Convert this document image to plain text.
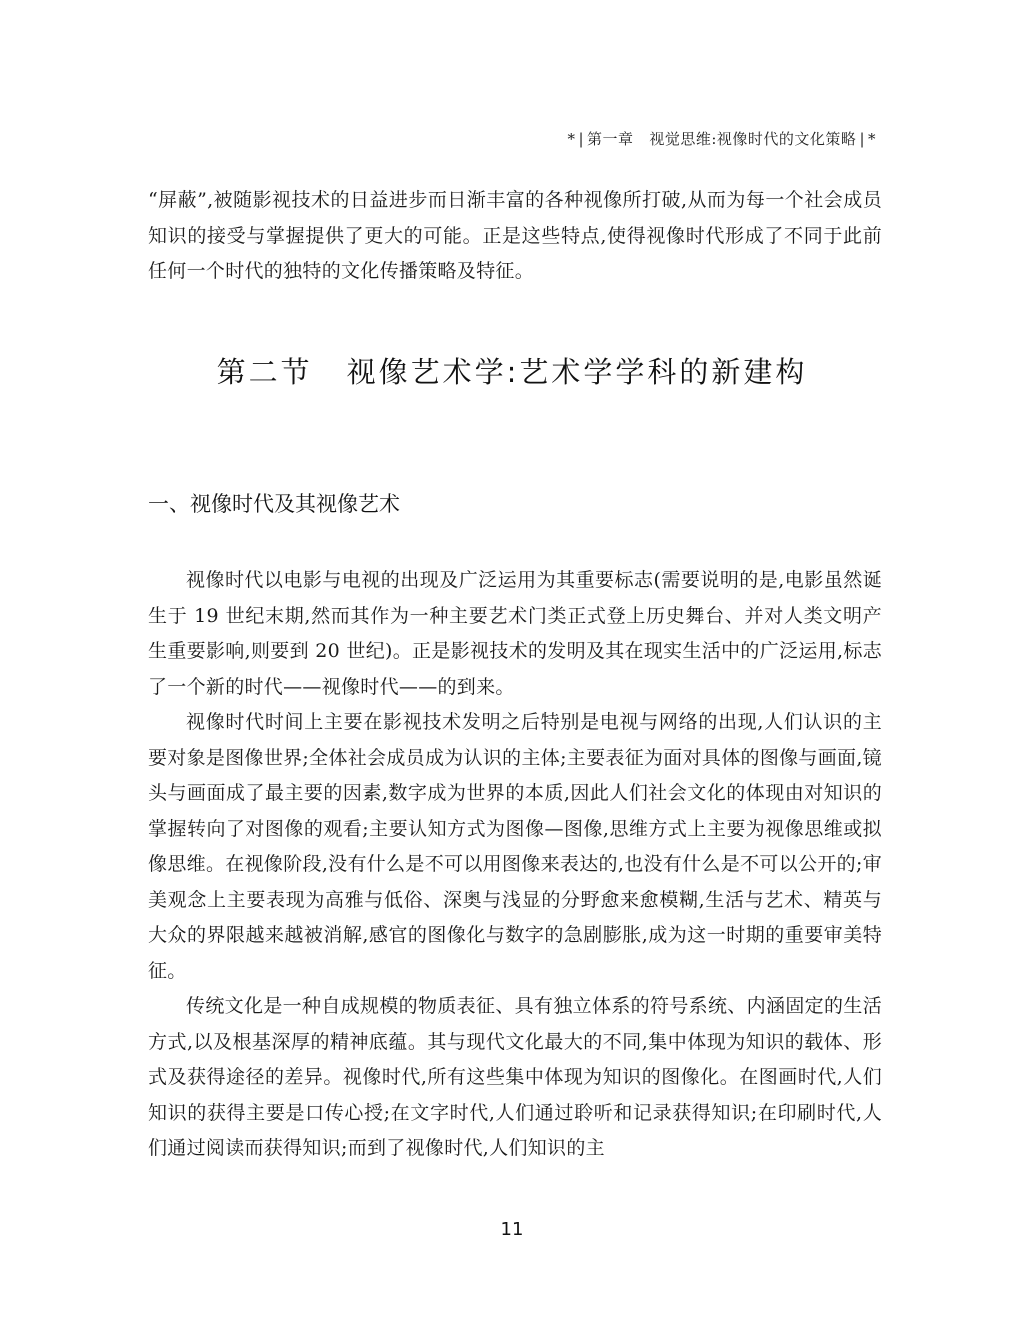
* | 第一章 视觉思维:视像时代的文化策略 | *

“屏蔽”,被随影视技术的日益进步而日渐丰富的各种视像所打破,从而为每一个社会成员知识的接受与掌握提供了更大的可能。正是这些特点,使得视像时代形成了不同于此前任何一个时代的独特的文化传播策略及特征。

第二节 视像艺术学:艺术学学科的新建构
一、视像时代及其视像艺术

视像时代以电影与电视的出现及广泛运用为其重要标志(需要说明的是,电影虽然诞生于 19 世纪末期,然而其作为一种主要艺术门类正式登上历史舞台、并对人类文明产生重要影响,则要到 20 世纪)。正是影视技术的发明及其在现实生活中的广泛运用,标志了一个新的时代——视像时代——的到来。

视像时代时间上主要在影视技术发明之后特别是电视与网络的出现,人们认识的主要对象是图像世界;全体社会成员成为认识的主体;主要表征为面对具体的图像与画面,镜头与画面成了最主要的因素,数字成为世界的本质,因此人们社会文化的体现由对知识的掌握转向了对图像的观看;主要认知方式为图像—图像,思维方式上主要为视像思维或拟像思维。在视像阶段,没有什么是不可以用图像来表达的,也没有什么是不可以公开的;审美观念上主要表现为高雅与低俗、深奥与浅显的分野愈来愈模糊,生活与艺术、精英与大众的界限越来越被消解,感官的图像化与数字的急剧膨胀,成为这一时期的重要审美特征。

传统文化是一种自成规模的物质表征、具有独立体系的符号系统、内涵固定的生活方式,以及根基深厚的精神底蕴。其与现代文化最大的不同,集中体现为知识的载体、形式及获得途径的差异。视像时代,所有这些集中体现为知识的图像化。在图画时代,人们知识的获得主要是口传心授;在文字时代,人们通过聆听和记录获得知识;在印刷时代,人们通过阅读而获得知识;而到了视像时代,人们知识的主

11
